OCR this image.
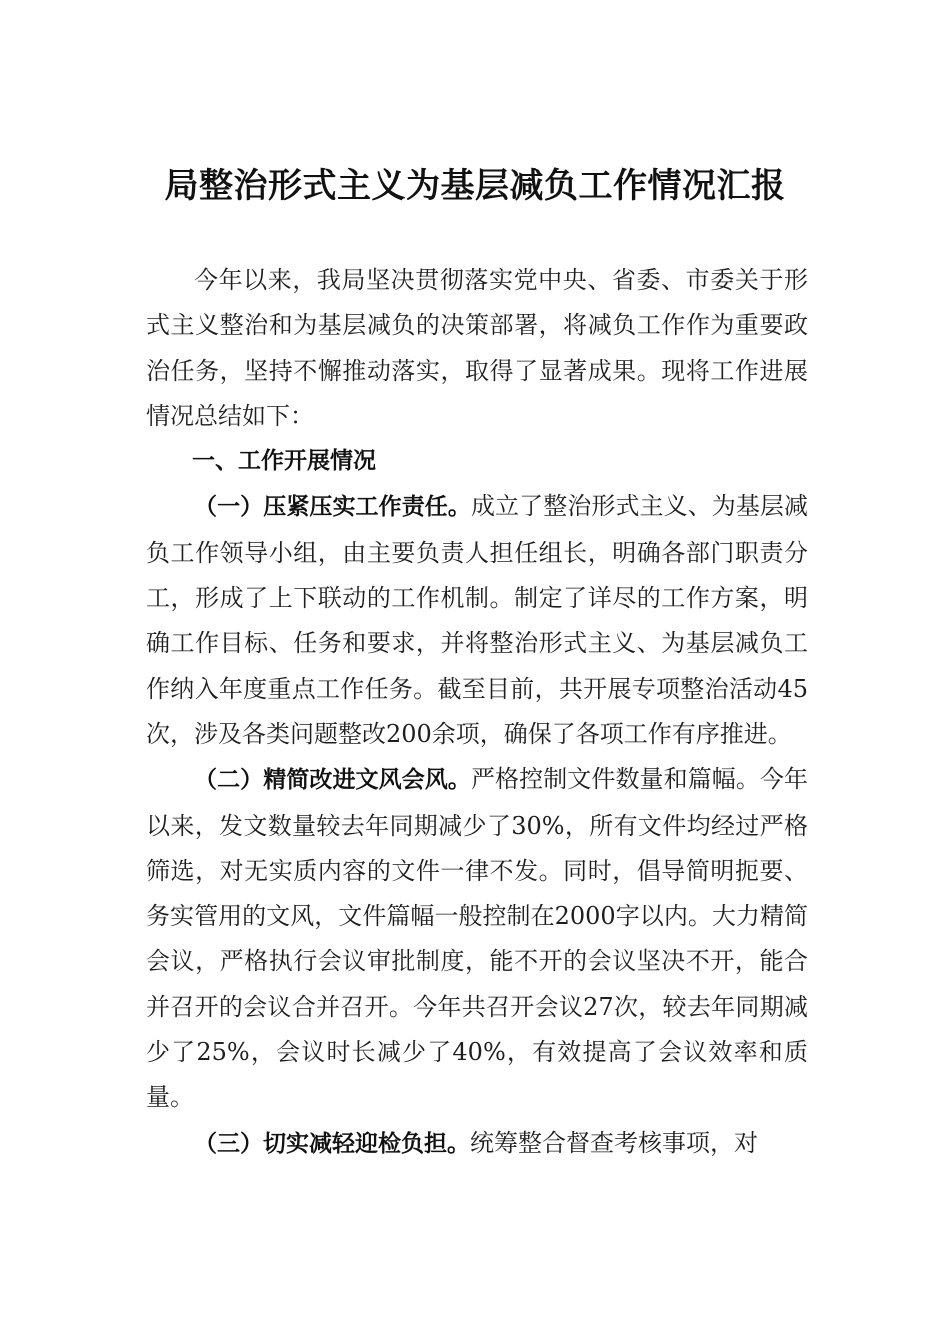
局整治形式主义为基层减负工作情况汇报

今年以来，我局坚决贯彻落实党中央、省委、市委关于形式主义整治和为基层减负的决策部署，将减负工作作为重要政治任务，坚持不懈推动落实，取得了显著成果。现将工作进展情况总结如下：

一、工作开展情况

（一）压紧压实工作责任。成立了整治形式主义、为基层减负工作领导小组，由主要负责人担任组长，明确各部门职责分工，形成了上下联动的工作机制。制定了详尽的工作方案，明确工作目标、任务和要求，并将整治形式主义、为基层减负工作纳入年度重点工作任务。截至目前，共开展专项整治活动45次，涉及各类问题整改200余项，确保了各项工作有序推进。

（二）精简改进文风会风。严格控制文件数量和篇幅。今年以来，发文数量较去年同期减少了30%，所有文件均经过严格筛选，对无实质内容的文件一律不发。同时，倡导简明扼要、务实管用的文风，文件篇幅一般控制在2000字以内。大力精简会议，严格执行会议审批制度，能不开的会议坚决不开，能合并召开的会议合并召开。今年共召开会议27次，较去年同期减少了25%，会议时长减少了40%，有效提高了会议效率和质量。

（三）切实减轻迎检负担。统筹整合督查考核事项，对
